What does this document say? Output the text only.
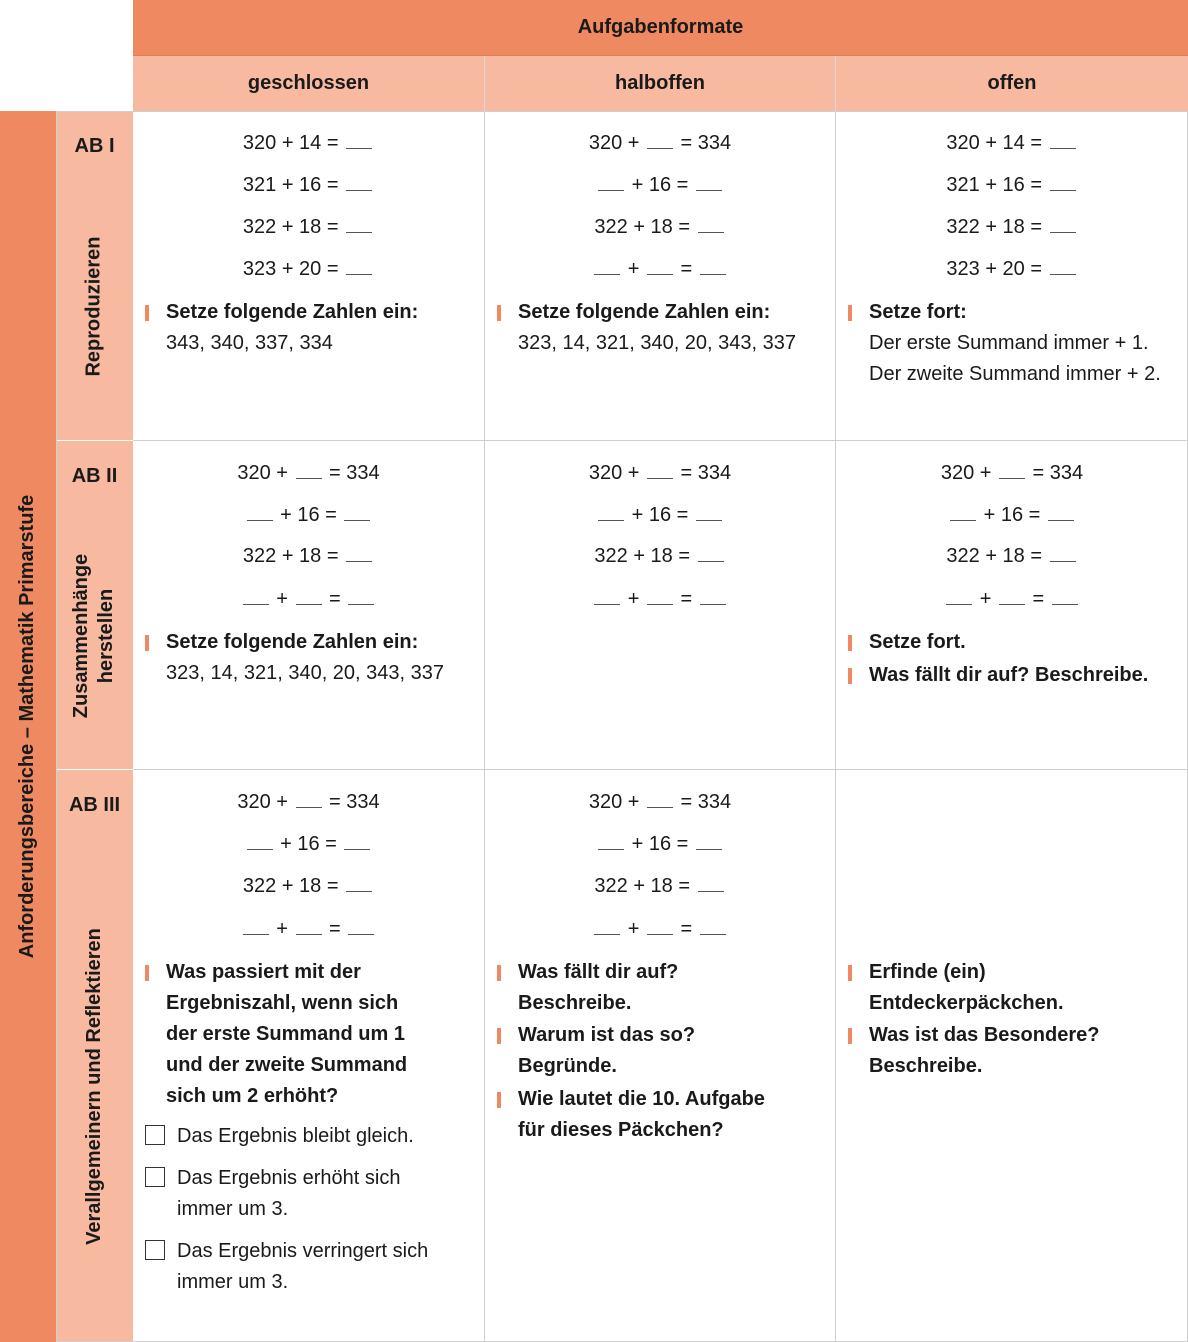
Aufgabenformate
geschlossen	halboffen	offen
Anforderungsbereiche – Mathematik Primarstufe
AB I
Reproduzieren
AB II
Zusammenhänge herstellen
AB III
Verallgemeinern und Reflektieren
320 + 14 =
321 + 16 =
322 + 18 =
323 + 20 =
Setze folgende Zahlen ein:
343, 340, 337, 334
320 +  = 334
+ 16 =
322 + 18 =
+  =
Setze folgende Zahlen ein:
323, 14, 321, 340, 20, 343, 337
320 + 14 =
321 + 16 =
322 + 18 =
323 + 20 =
Setze fort:
Der erste Summand immer + 1.
Der zweite Summand immer + 2.
320 +  = 334
+ 16 =
322 + 18 =
+  =
Setze folgende Zahlen ein:
323, 14, 321, 340, 20, 343, 337
320 +  = 334
+ 16 =
322 + 18 =
+  =
320 +  = 334
+ 16 =
322 + 18 =
+  =
Setze fort.
Was fällt dir auf? Beschreibe.
320 +  = 334
+ 16 =
322 + 18 =
+  =
Was passiert mit der
Ergebniszahl, wenn sich
der erste Summand um 1
und der zweite Summand
sich um 2 erhöht?
Das Ergebnis bleibt gleich.
Das Ergebnis erhöht sich
immer um 3.
Das Ergebnis verringert sich
immer um 3.
320 +  = 334
+ 16 =
322 + 18 =
+  =
Was fällt dir auf?
Beschreibe.
Warum ist das so?
Begründe.
Wie lautet die 10. Aufgabe
für dieses Päckchen?
Erfinde (ein)
Entdeckerpäckchen.
Was ist das Besondere?
Beschreibe.
